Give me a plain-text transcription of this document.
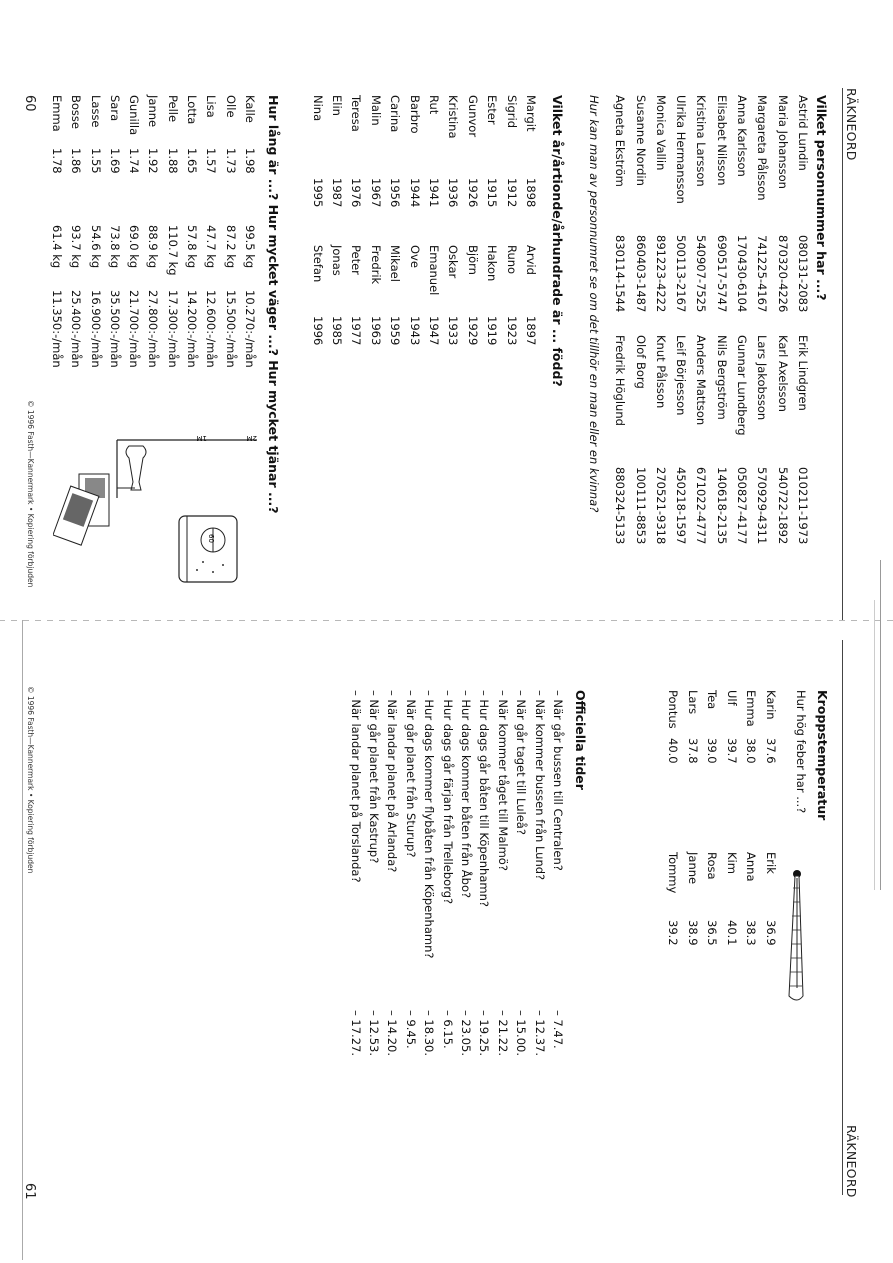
RÄKNEORD
Vilket personnummer har ...?
Astrid Lundin
080131-2083
Erik Lindgren
010211-1973
Maria Johansson
870320-4226
Karl Axelsson
540722-1892
Margareta Pålsson
741225-4167
Lars Jakobsson
570929-4311
Anna Karlsson
170430-6104
Gunnar Lundberg
050827-4177
Elisabet Nilsson
690517-5747
Nils Bergström
140618-2135
Kristina Larsson
540907-7525
Anders Mattson
671022-4777
Ulrika Hermansson
500113-2167
Leif Börjesson
450218-1597
Monica Vallin
891223-4222
Knut Pålsson
270521-9318
Susanne Nordin
860403-1487
Olof Borg
100111-8853
Agneta Ekström
830114-1544
Fredrik Höglund
880324-5133
Hur kan man av personnumret se om det tillhör en man eller en kvinna?
Vilket år/årtionde/århundrade är ... född?
Margit
1898
Arvid
1897
Sigrid
1912
Runo
1923
Ester
1915
Hakon
1919
Gunvor
1926
Björn
1929
Kristina
1936
Oskar
1933
Rut
1941
Emanuel
1947
Barbro
1944
Ove
1943
Carina
1956
Mikael
1959
Malin
1967
Fredrik
1963
Teresa
1976
Peter
1977
Elin
1987
Jonas
1985
Nina
1995
Stefan
1996
Hur lång är ...? Hur mycket väger ...? Hur mycket tjänar ...?
Kalle
1.98
99.5 kg
10.270:-/mån
Olle
1.73
87.2 kg
15.500:-/mån
Lisa
1.57
47.7 kg
12.600:-/mån
Lotta
1.65
57.8 kg
14.200:-/mån
Pelle
1.88
110.7 kg
17.300:-/mån
Janne
1.92
88.9 kg
27.800:-/mån
Gunilla
1.74
69.0 kg
21.700:-/mån
Sara
1.69
73.8 kg
35.500:-/mån
Lasse
1.55
54.6 kg
16.900:-/mån
Bosse
1.86
93.7 kg
25.400:-/mån
Emma
1.78
61.4 kg
11.350:-/mån
2M
1M
60
60
© 1996 Fasth—Kannermark • Kopiering förbjuden
RÄKNEORD
Kroppstemperatur
Hur hög feber har ...?
Karin
37.6
Erik
36.9
Emma
38.0
Anna
38.3
Ulf
39.7
Kim
40.1
Tea
39.0
Rosa
36.5
Lars
37.8
Janne
38.9
Pontus
40.0
Tommy
39.2
Officiella tider
– När går bussen till Centralen?
– 7.47.
– När kommer bussen från Lund?
– 12.37.
– När går taget till Luleå?
– 15.00.
– När kommer tåget till Malmö?
– 21.22.
– Hur dags går båten till Köpenhamn?
– 19.25.
– Hur dags kommer båten från Åbo?
– 23.05.
– Hur dags går färjan från Trelleborg?
– 6.15.
– Hur dags kommer flybåten från Köpenhamn?
– 18.30.
– När går planet från Sturup?
– 9.45.
– När landar planet på Arlanda?
– 14.20.
– När går planet från Kastrup?
– 12.53.
– När landar planet på Torslanda?
– 17.27.
© 1996 Fasth—Kannermark • Kopiering förbjuden
61
